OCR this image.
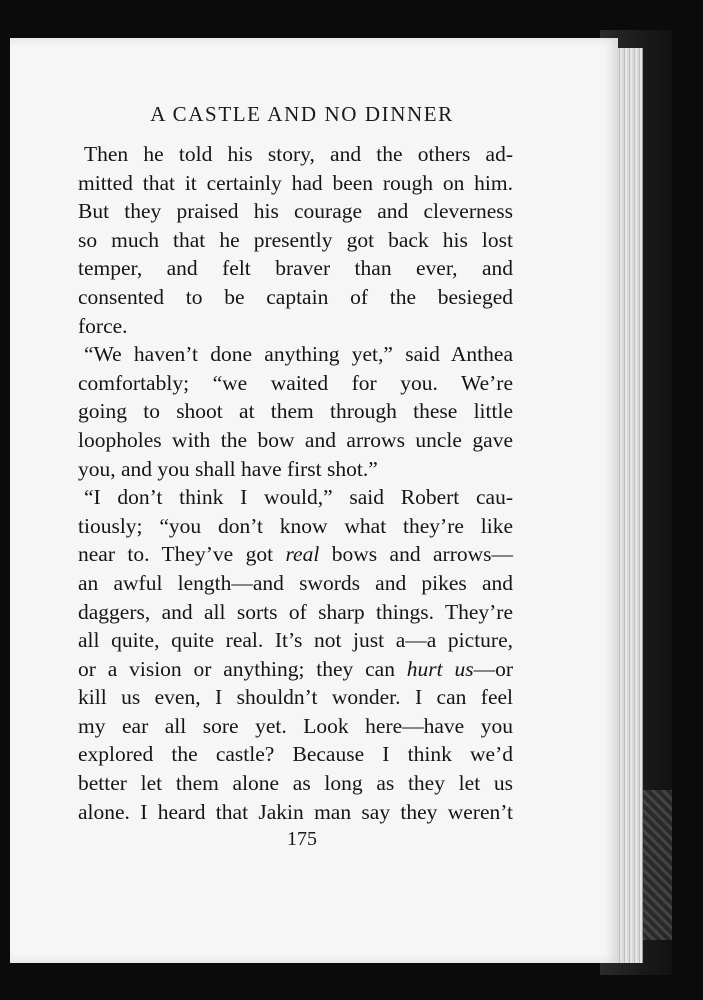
A CASTLE AND NO DINNER
Then he told his story, and the others ad-
mitted that it certainly had been rough on him.
But they praised his courage and cleverness
so much that he presently got back his lost
temper, and felt braver than ever, and
consented to be captain of the besieged
force.
“We haven’t done anything yet,” said Anthea
comfortably; “we waited for you. We’re
going to shoot at them through these little
loopholes with the bow and arrows uncle gave
you, and you shall have first shot.”
“I don’t think I would,” said Robert cau-
tiously; “you don’t know what they’re like
near to. They’ve got real bows and arrows—
an awful length—and swords and pikes and
daggers, and all sorts of sharp things. They’re
all quite, quite real. It’s not just a—a picture,
or a vision or anything; they can hurt us—or
kill us even, I shouldn’t wonder. I can feel
my ear all sore yet. Look here—have you
explored the castle? Because I think we’d
better let them alone as long as they let us
alone. I heard that Jakin man say they weren’t
175
